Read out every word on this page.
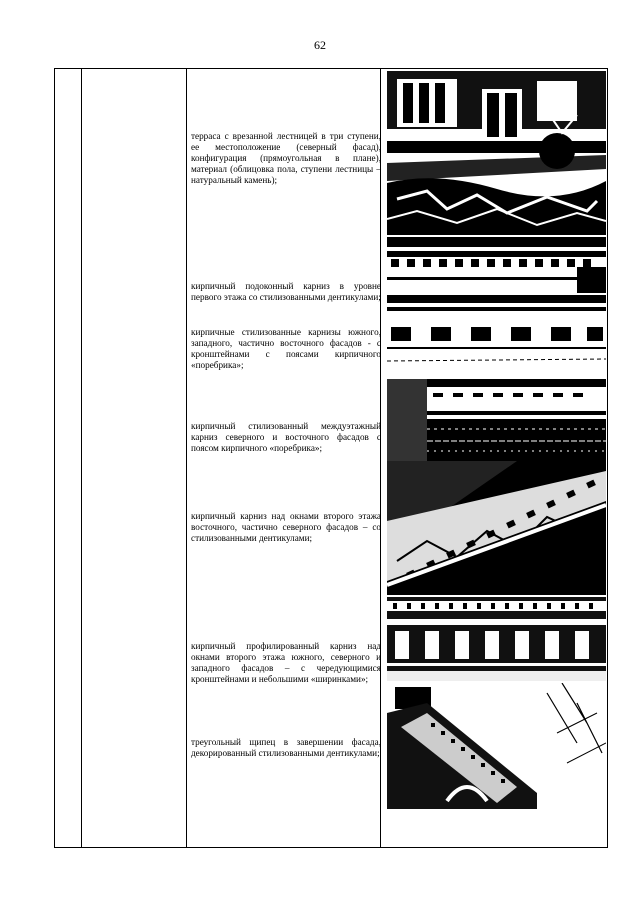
62
терраса с врезанной лестницей в три ступени, ее местоположение (северный фасад), конфигурация (прямоугольная в плане), материал (облицовка пола, ступени лестницы – натуральный камень);
кирпичный подоконный карниз в уровне первого этажа со стилизованными дентикулами;
кирпичные стилизованные карнизы южного, западного, частично восточного фасадов - с кронштейнами с поясами кирпичного «поребрика»;
кирпичный стилизованный междуэтажный карниз северного и восточного фасадов с поясом кирпичного «поребрика»;
кирпичный карниз над окнами второго этажа восточного, частично северного фасадов – со стилизованными дентикулами;
кирпичный профилированный карниз над окнами второго этажа южного, северного и западного фасадов – с чередующимися кронштейнами и небольшими «ширинками»;
треугольный щипец в завершении фасада, декорированный стилизованными дентикулами;
